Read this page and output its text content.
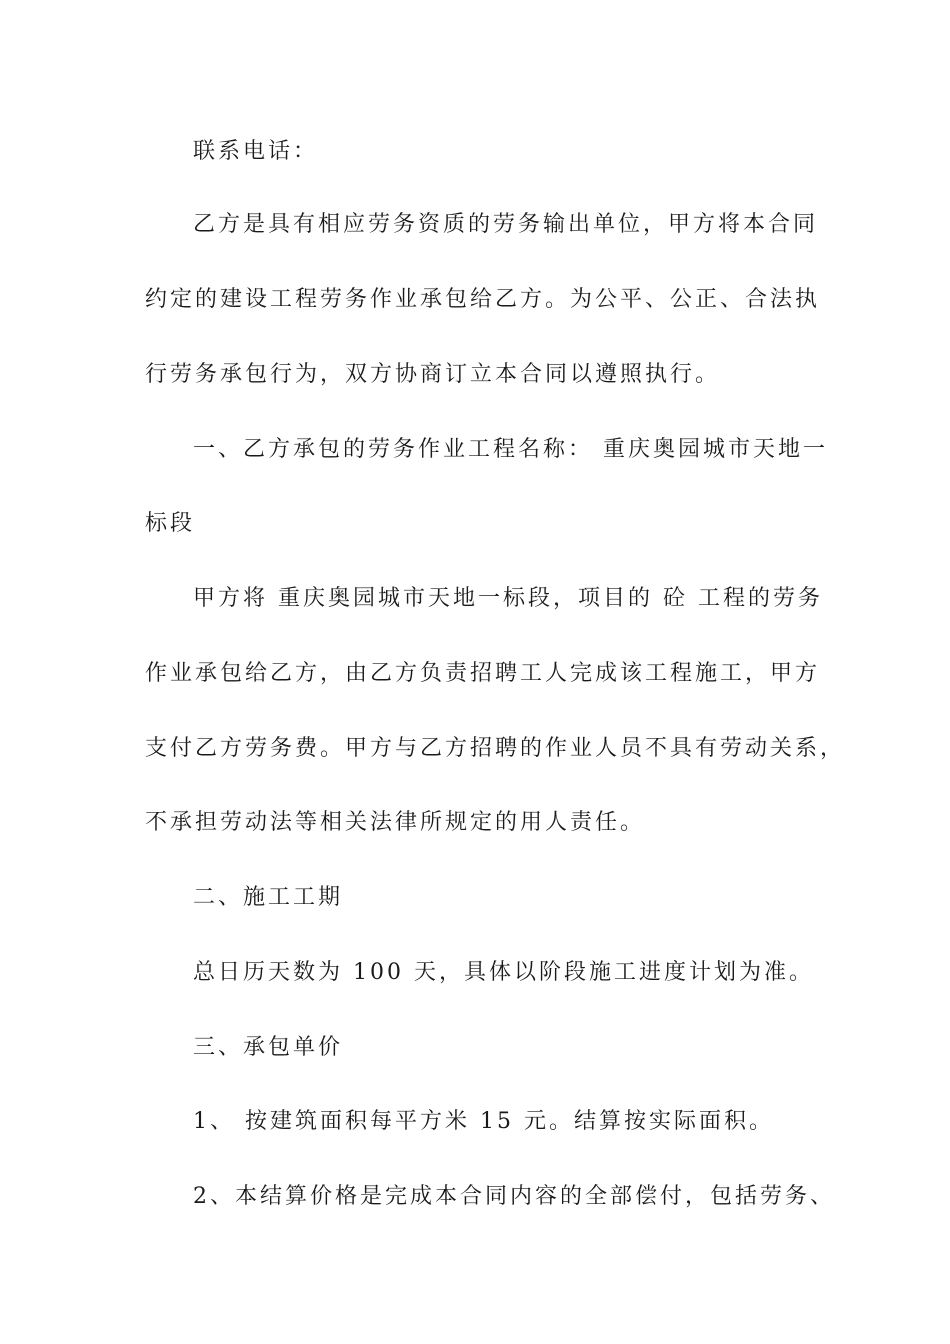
联系电话：
乙方是具有相应劳务资质的劳务输出单位，甲方将本合同
约定的建设工程劳务作业承包给乙方。为公平、公正、合法执
行劳务承包行为，双方协商订立本合同以遵照执行。
一、乙方承包的劳务作业工程名称： 重庆奥园城市天地一
标段
甲方将 重庆奥园城市天地一标段，项目的 砼 工程的劳务
作业承包给乙方，由乙方负责招聘工人完成该工程施工，甲方
支付乙方劳务费。甲方与乙方招聘的作业人员不具有劳动关系，
不承担劳动法等相关法律所规定的用人责任。
二、施工工期
总日历天数为 100 天，具体以阶段施工进度计划为准。
三、承包单价
1、 按建筑面积每平方米 15 元。结算按实际面积。
2、本结算价格是完成本合同内容的全部偿付，包括劳务、
